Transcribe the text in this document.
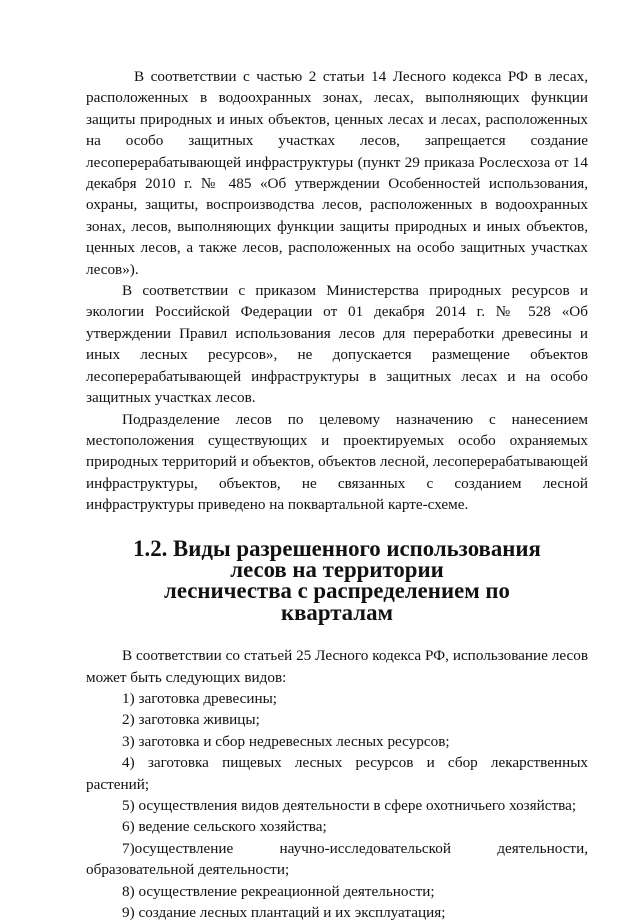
В соответствии с частью 2 статьи 14 Лесного кодекса РФ в лесах, расположенных в водоохранных зонах, лесах, выполняющих функции защиты природных и иных объектов, ценных лесах и лесах, расположенных на особо защитных участках лесов, запрещается создание лесоперерабатывающей инфраструктуры (пункт 29 приказа Рослесхоза от 14 декабря 2010 г. № 485 «Об утверждении Особенностей использования, охраны, защиты, воспроизводства лесов, расположенных в водоохранных зонах, лесов, выполняющих функции защиты природных и иных объектов, ценных лесов, а также лесов, расположенных на особо защитных участках лесов»).

В соответствии с приказом Министерства природных ресурсов и экологии Российской Федерации от 01 декабря 2014 г. № 528 «Об утверждении Правил использования лесов для переработки древесины и иных лесных ресурсов», не допускается размещение объектов лесоперерабатывающей инфраструктуры в защитных лесах и на особо защитных участках лесов.

Подразделение лесов по целевому назначению с нанесением местоположения существующих и проектируемых особо охраняемых природных территорий и объектов, объектов лесной, лесоперерабатывающей инфраструктуры, объектов, не связанных с созданием лесной инфраструктуры приведено на поквартальной карте-схеме.

1.2. Виды разрешенного использования лесов на территории
лесничества с распределением по кварталам

В соответствии со статьей 25 Лесного кодекса РФ, использование лесов может быть следующих видов:

1) заготовка древесины;

2) заготовка живицы;

3) заготовка и сбор недревесных лесных ресурсов;

4) заготовка пищевых лесных ресурсов и сбор лекарственных растений;

5) осуществления видов деятельности в сфере охотничьего хозяйства;

6) ведение сельского хозяйства;

7)осуществление научно-исследовательской деятельности, образовательной деятельности;

8) осуществление рекреационной деятельности;

9) создание лесных плантаций и их эксплуатация;
